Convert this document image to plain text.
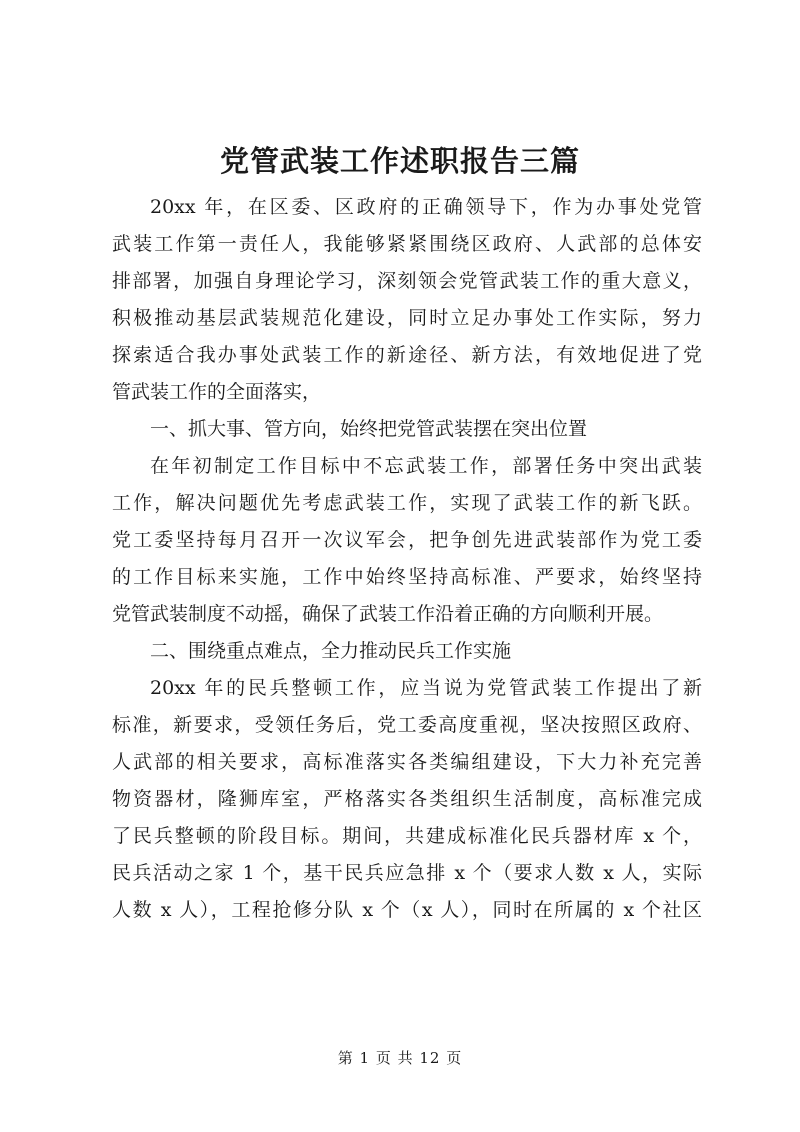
党管武装工作述职报告三篇
20xx 年，在区委、区政府的正确领导下，作为办事处党管
武装工作第一责任人，我能够紧紧围绕区政府、人武部的总体安
排部署，加强自身理论学习，深刻领会党管武装工作的重大意义，
积极推动基层武装规范化建设，同时立足办事处工作实际，努力
探索适合我办事处武装工作的新途径、新方法，有效地促进了党
管武装工作的全面落实，
一、抓大事、管方向，始终把党管武装摆在突出位置
在年初制定工作目标中不忘武装工作，部署任务中突出武装
工作，解决问题优先考虑武装工作，实现了武装工作的新飞跃。
党工委坚持每月召开一次议军会，把争创先进武装部作为党工委
的工作目标来实施，工作中始终坚持高标准、严要求，始终坚持
党管武装制度不动摇，确保了武装工作沿着正确的方向顺利开展。
二、围绕重点难点，全力推动民兵工作实施
20xx 年的民兵整顿工作，应当说为党管武装工作提出了新
标准，新要求，受领任务后，党工委高度重视，坚决按照区政府、
人武部的相关要求，高标准落实各类编组建设，下大力补充完善
物资器材，隆狮库室，严格落实各类组织生活制度，高标准完成
了民兵整顿的阶段目标。期间，共建成标准化民兵器材库 x 个，
民兵活动之家 1 个，基干民兵应急排 x 个（要求人数 x 人，实际
人数 x 人），工程抢修分队 x 个（x 人），同时在所属的 x 个社区
第 1 页 共 12 页
